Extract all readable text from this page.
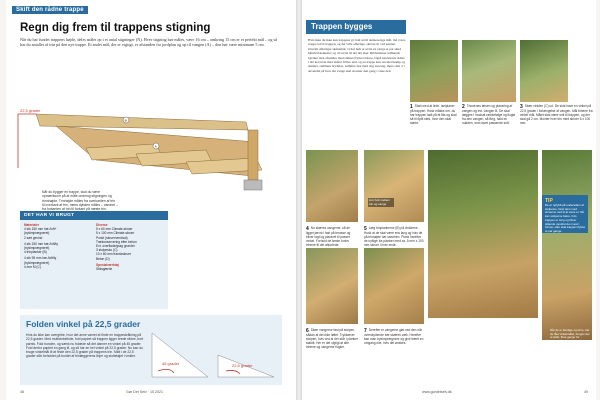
Skift den rådne trappe
Regn dig frem til trappens stigning
Når du har fundet trappens højde, deles målet op i et antal stigninger (N). Hver stigning bør måles, være 16 cm – omkring 15 cm er et perfekt mål – og så har du antallet af trin på den nye trappe. Et andet mål, der er vigtigt, er afstanden fra jordplan og op til vangen (A) – den bør være minimum 5 cm.
22,5 grader
B
A
Når du bygger en trappe, skal du være opmærksom på at måle omkring stigningen og trinnhøjde. Trinhøjde måles fra overkanten af trin til overkant af trin, mens dybden måles – vandret – fra forkanten af trin til forkant på næste trin.
DET HAR VI BRUGT
Materialer
4 stk 150 mm hæ./loft+
(trykimprægneret)
2 sæt gevind
4 stk 150 mm hæ./loft/ty
(trykimprægneret)
4 trinplanker (B)
4 stk 95 mm hæ./loft/ty
(trykimprægneret)
4 mm M (C)
Diverse
5 x 60 mm Climate-skruer
5 x 100 mm Climate-skruer
Punkt (skruer/ventrad)
Trækonservering efter behov
Evt. overflade/grøg grunder
3 stolpesko (C)
10 x 60 mm franskskruer
Beton (D)
Specialværktøj
Stiksgærde
Folden vinkel på 22,5 grader
Hvis du ikke kan overgribe, hvor det anne vanret at finde en trappeskrålning på 22,5 grader. Med multivinkelfolie, fold papiret så trappen ligger brede rådne, bort parnis. Fold bunden, og sænk nu foldede så det danner en vinkel på 45 grader. Fold derfor papiret en gang til, og så har en hel vinkel på 22,5 grader. Nu kan du bruge vinkelmål til at finde den 22,5 grader på trappens trin. Midt i de 22,5 grader står forholdet på bordet af trinlæggerens linjer og stoltetøjet i vinkler.
45 grader	22,5 grader
48	Gør Det Selv · 15 2021
Trappen bygges
Hvis ikke du ikke kan trappens gl. halt ud til skånere/øge mål, må vores trappe ud til trappen, og det ville afhænge, skæres til ved kanten. Overall afhænger skånemul, vi har haft at sætte en vange et par skud håndværksmester og vil sætte til det der sker. Ribbeskruer udhulede bjælker skal afrundes med snitnet flyttet tættere. Også kantelerne sidste i det krævede med skåret fælles ned, og en trappe kan ses med kamp og skinner, sammen brydelse, sømmet fast med dog støvsug, men i den 2 i anvendte på hver sin vange skal stormer den gang i vane den.
1 Start med at lirde. Iselplaner på trappen. Husk måske om, du har trappen ladt på at fås og skal så til flydt sted, hvor den skal starte.
2 Trinnenes læsen og placering af vangen og evt. vangen B. De skal lægges i modsat rækkefølge og flugte fra den vangen, så Beg, hald en ruladen, som lavet passende sidt.
3 Skær vinklen (C) ud. De skal have en vinkel på 22,5 grader i forlængelse af vangen. Mål trinene fra vinkel mål. Målet skal være snit til trappen, og der skal gå 2 cm. Monter hver trin med skruer 6 x 100 mm.
4 Nu skæres vangerne, så de ligger jævnt i fast på terasse og bliver lagt og placeret til passer vinkel. Forhold de første fortov trinene til det afkortede.
Lim holt mellem trin og vange
5 Læg trinplankerne (B) på vinklerne. Husk at de skal være ens lang og hvis de på trinhøjde har sammen. Plank herefter de nyttige fra planker med ca. 5 mm x 100 mm skruer i hver ende.
6 Skær vangerne fast på stolpen, sådan at det ikke løfter. Trykkæver stolpen, hvis ved at der står i planker stabilt. Her er det vigtigt at alle trinene og vangerne flugter.
7 Derefter er vangerne glat ved den når overskydende træ skæres væk. Herefter kan man trykimprægnere og give træet en omgang olie, hvis det ønskes.
TIP
De er opfyldt på undersiden af stolperne, fæst dem med skruerne ned til at være et. Så kan stolperne bære, hvis trappen er tung og bliver stående vandret der mest i trinnet, eller skal trappen flyttes et par gange.
Når de er færdige og tørre, har de fået vinkelmålet, bruges det et sidst, flere gange for stabilitet. Sæt et stilladsrøret sammen med stativet.
www.gordetselv.dk	49
